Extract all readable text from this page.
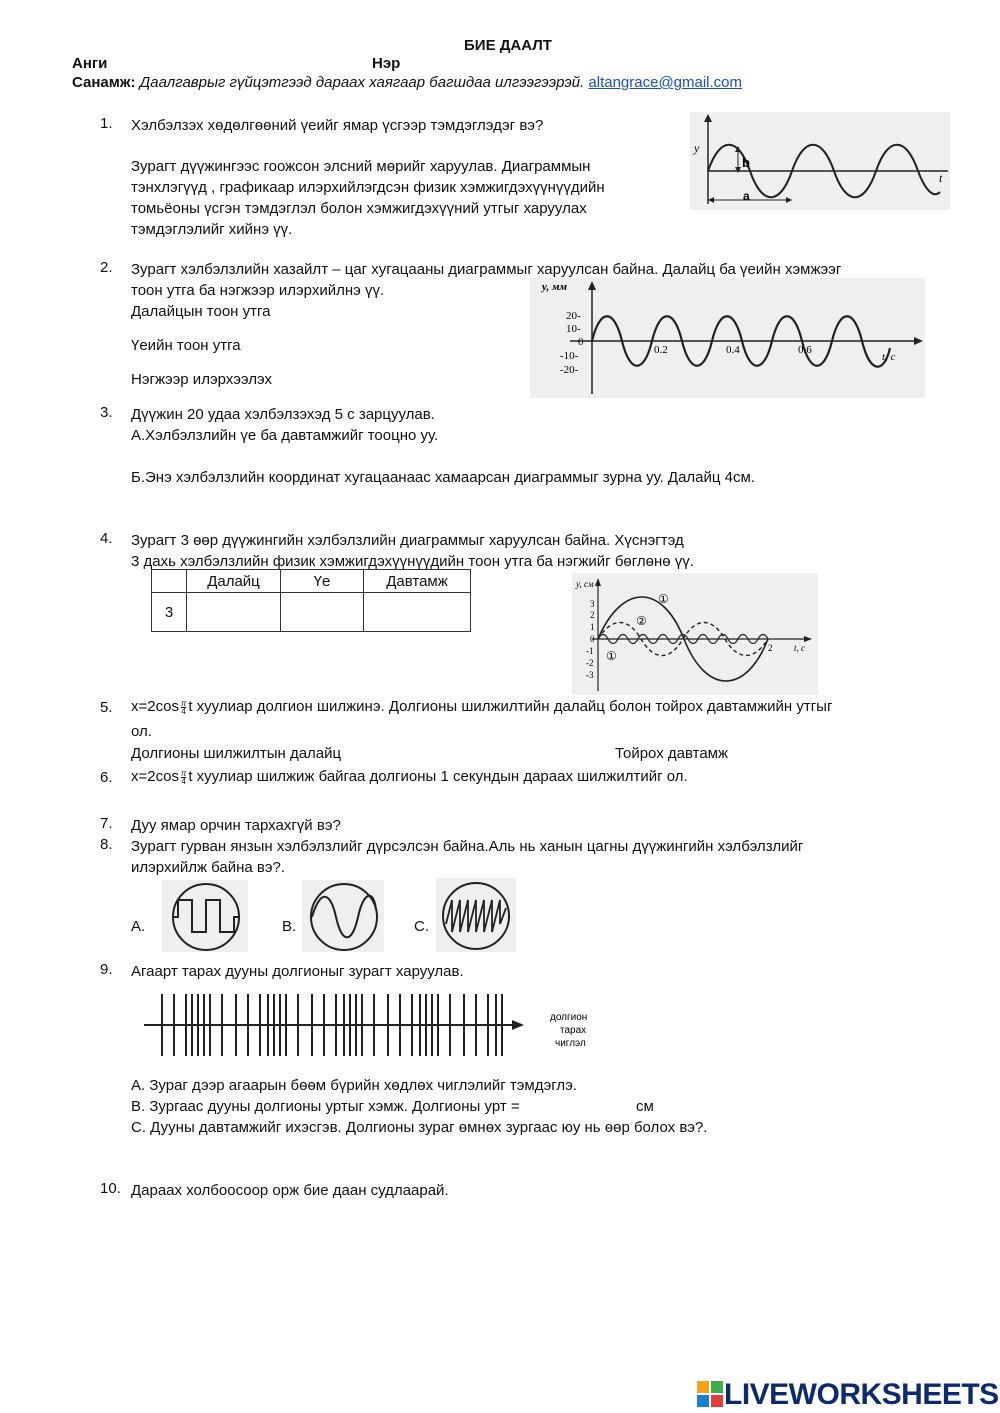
БИЕ ДААЛТ
Анги	Нэр
Санамж: Даалгаврыг гүйцэтгээд дараах хаягаар багшдаа илгээгээрэй. altangrace@gmail.com
1. Хэлбэлзэх хөдөлгөөний үеийг ямар үсгээр тэмдэглэдэг вэ?
Зурагт дүүжингээс гоожсон элсний мөрийг харуулав. Диаграммын
тэнхлэгүүд , графикаар илэрхийлэгдсэн физик хэмжигдэхүүнүүдийн
томьёоны үсгэн тэмдэглэл болон хэмжигдэхүүний утгыг харуулах
тэмдэглэлийг хийнэ үү.
y
t
b
a
2. Зурагт хэлбэлзлийн хазайлт – цаг хугацааны диаграммыг харуулсан байна. Далайц ба үеийн хэмжээг
тоон утга ба нэгжээр илэрхийлнэ үү.
Далайцын тоон утга
Үеийн тоон утга
Нэгжээр илэрхээлэх
y, мм
20-
10-
0
-10-
-20-
0.2	0.4	0.6
t, с
3. Дүүжин 20 удаа хэлбэлзэхэд 5 с зарцуулав.
А.Хэлбэлзлийн үе ба давтамжийг тооцно уу.
Б.Энэ хэлбэлзлийн координат хугацаанаас хамаарсан диаграммыг зурна уу. Далайц 4см.
4. Зурагт 3 өөр дүүжингийн хэлбэлзлийн диаграммыг харуулсан байна. Хүснэгтэд
3 дахь хэлбэлзлийн физик хэмжигдэхүүнүүдийн тоон утга ба нэгжийг бөглөнө үү.
	Далайц	Үе	Давтамж
3			
y, см
3
2
1
0
-1
-2
-3
①
②
①
2 t, с
5. $x=2\cos \frac{\pi}{4}$ t хуулиар долгион шилжинэ. Долгионы шилжилтийн далайц болон тойрох давтамжийн утгыг
ол.
Долгионы шилжилтын далайц	Тойрох давтамж
6. $x=2\cos \frac{\pi}{4}$ t хуулиар шилжиж байгаа долгионы 1 секундын дараах шилжилтийг ол.
7. Дуу ямар орчин тархахгүй вэ?
8. Зурагт гурван янзын хэлбэлзлийг дүрсэлсэн байна.Аль нь ханын цагны дүүжингийн хэлбэлзлийг
илэрхийлж байна вэ?.
A.	B.	C.
9. Агаарт тарах дууны долгионыг зурагт харуулав.
долгион
тарах
чиглэл
A. Зураг дээр агаарын бөөм бүрийн хөдлөх чиглэлийг тэмдэглэ.
B. Зургаас дууны долгионы уртыг хэмж. Долгионы урт =	см
C. Дууны давтамжийг ихэсгэв. Долгионы зураг өмнөх зургаас юу нь өөр болох вэ?.
10. Дараах холбоосоор орж бие даан судлаарай.
LIVEWORKSHEETS
